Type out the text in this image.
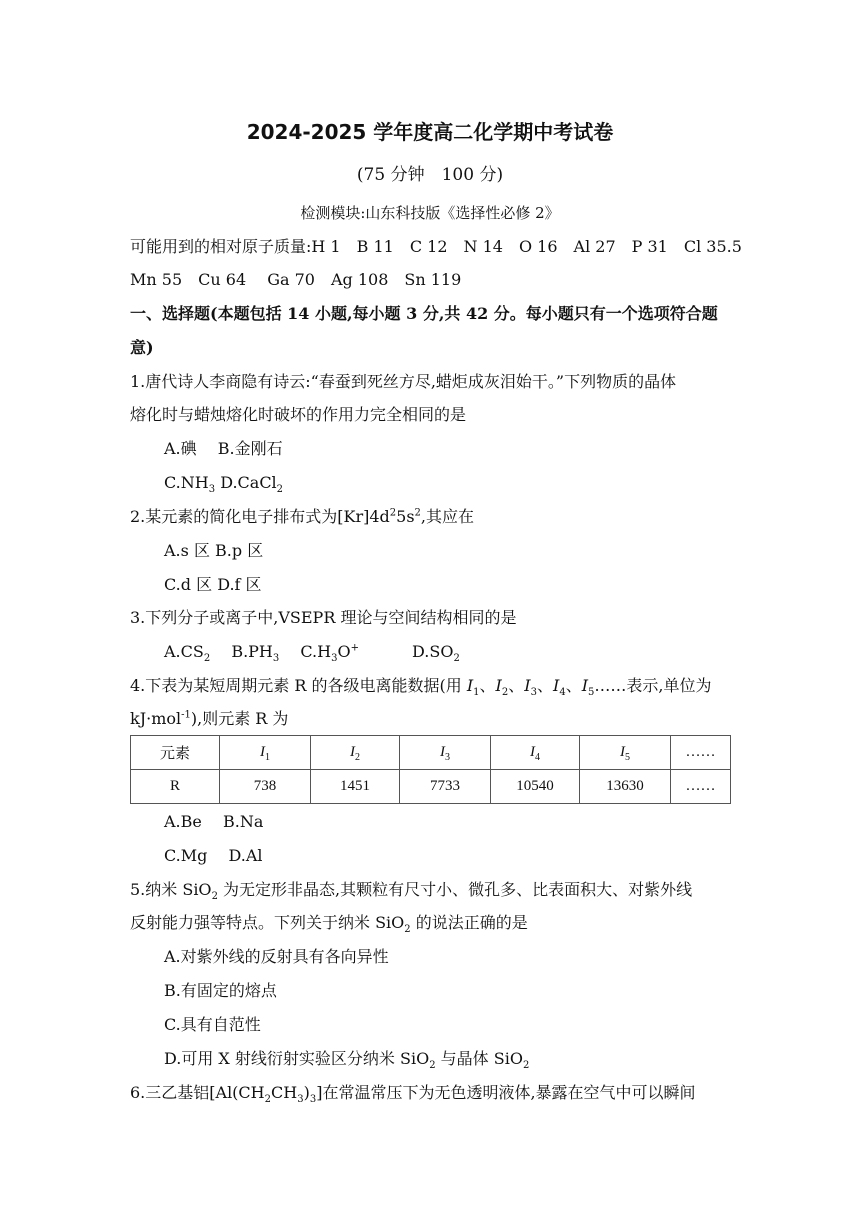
2024-2025 学年度高二化学期中考试卷
(75 分钟　100 分)
检测模块:山东科技版《选择性必修 2》
可能用到的相对原子质量:H 1　B 11　C 12　N 14　O 16　Al 27　P 31　Cl 35.5
Mn 55　Cu 64　 Ga 70　Ag 108　Sn 119
一、选择题(本题包括 14 小题,每小题 3 分,共 42 分。每小题只有一个选项符合题
意)
1.唐代诗人李商隐有诗云:“春蚕到死丝方尽,蜡炬成灰泪始干。”下列物质的晶体
熔化时与蜡烛熔化时破坏的作用力完全相同的是
A.碘　 B.金刚石
$C.NH_3$ D.CaCl$_2$
2.某元素的简化电子排布式为$[Kr]4d^25s^2$,其应在
A.s 区 B.p 区
C.d 区 D.f 区
3.下列分子或离子中,VSEPR 理论与空间结构相同的是
$A.CS_2$　 $B.PH_3$　 $C.H_3O^+$　　　	$D.SO_2$
4.下表为某短周期元素 R 的各级电离能数据(用 $I_1$、$I_2$、$I_3$、$I_4$、$I_5\dots\dots$表示,单位为
kJ·mol$^{-1}$),则元素 R 为
元素	$I_1$	$I_2$	$I_3$	$I_4$	$I_5$	……
R	738	1451	7733	10540	13630	……
A.Be　 B.Na
C.Mg　 D.Al
5.纳米 SiO$_2$ 为无定形非晶态,其颗粒有尺寸小、微孔多、比表面积大、对紫外线
反射能力强等特点。下列关于纳米 SiO$_2$ 的说法正确的是
A.对紫外线的反射具有各向异性
B.有固定的熔点
C.具有自范性
D.可用 X 射线衍射实验区分纳米 SiO$_2$ 与晶体 SiO$_2$
6.三乙基铝$[Al(CH_2CH_3)_3]$在常温常压下为无色透明液体,暴露在空气中可以瞬间
